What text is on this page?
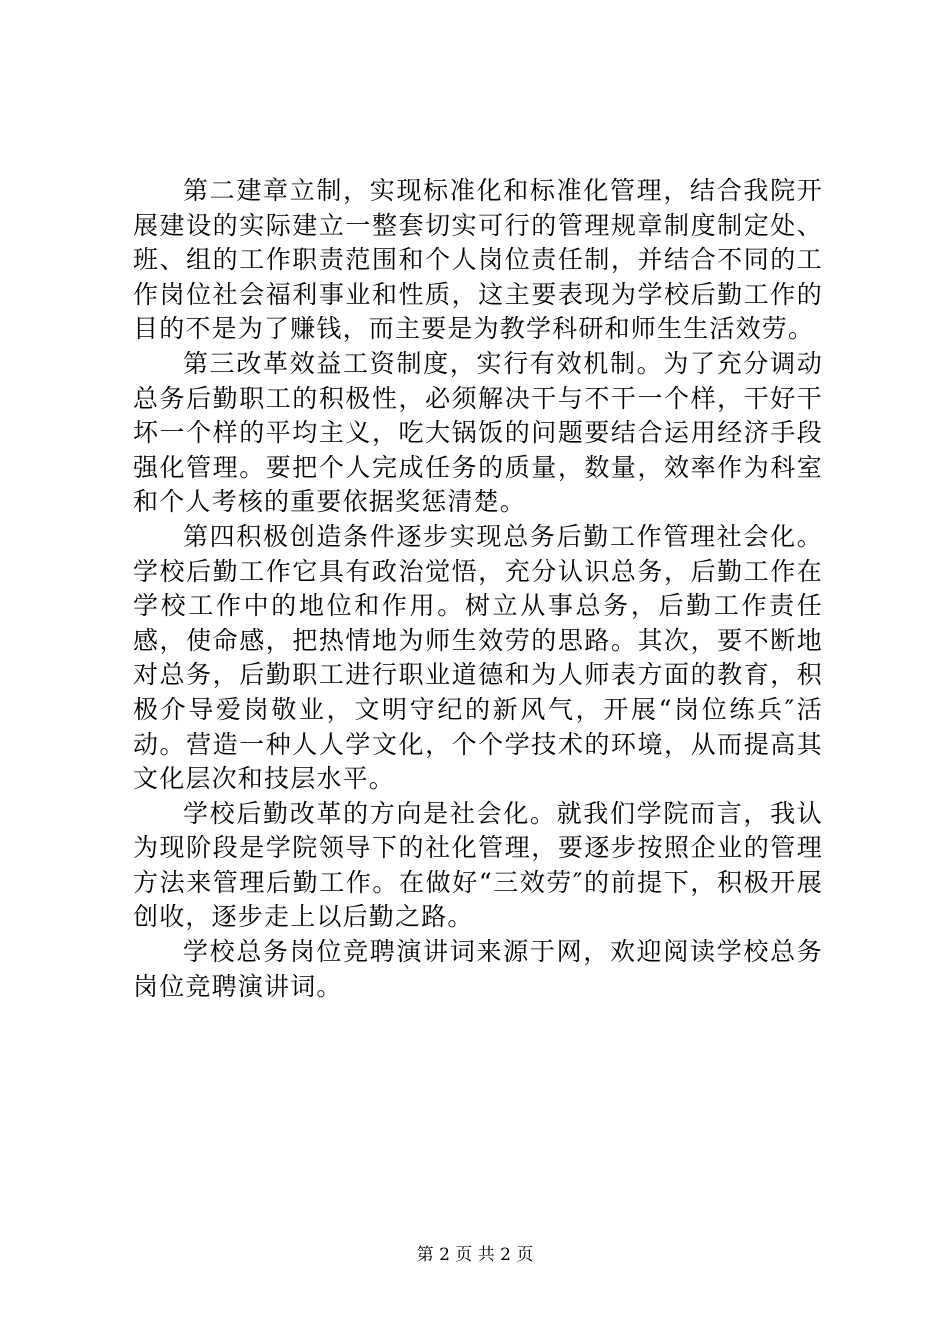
第二建章立制，实现标准化和标准化管理，结合我院开展建设的实际建立一整套切实可行的管理规章制度制定处、班、组的工作职责范围和个人岗位责任制，并结合不同的工作岗位社会福利事业和性质，这主要表现为学校后勤工作的目的不是为了赚钱，而主要是为教学科研和师生生活效劳。

第三改革效益工资制度，实行有效机制。为了充分调动总务后勤职工的积极性，必须解决干与不干一个样，干好干坏一个样的平均主义，吃大锅饭的问题要结合运用经济手段强化管理。要把个人完成任务的质量，数量，效率作为科室和个人考核的重要依据奖惩清楚。

第四积极创造条件逐步实现总务后勤工作管理社会化。学校后勤工作它具有政治觉悟，充分认识总务，后勤工作在学校工作中的地位和作用。树立从事总务，后勤工作责任感，使命感，把热情地为师生效劳的思路。其次，要不断地对总务，后勤职工进行职业道德和为人师表方面的教育，积极介导爱岗敬业，文明守纪的新风气，开展“岗位练兵″活动。营造一种人人学文化，个个学技术的环境，从而提高其文化层次和技层水平。

学校后勤改革的方向是社会化。就我们学院而言，我认为现阶段是学院领导下的社化管理，要逐步按照企业的管理方法来管理后勤工作。在做好“三效劳″的前提下，积极开展创收，逐步走上以后勤之路。

学校总务岗位竞聘演讲词来源于网，欢迎阅读学校总务岗位竞聘演讲词。

第 2 页 共 2 页
